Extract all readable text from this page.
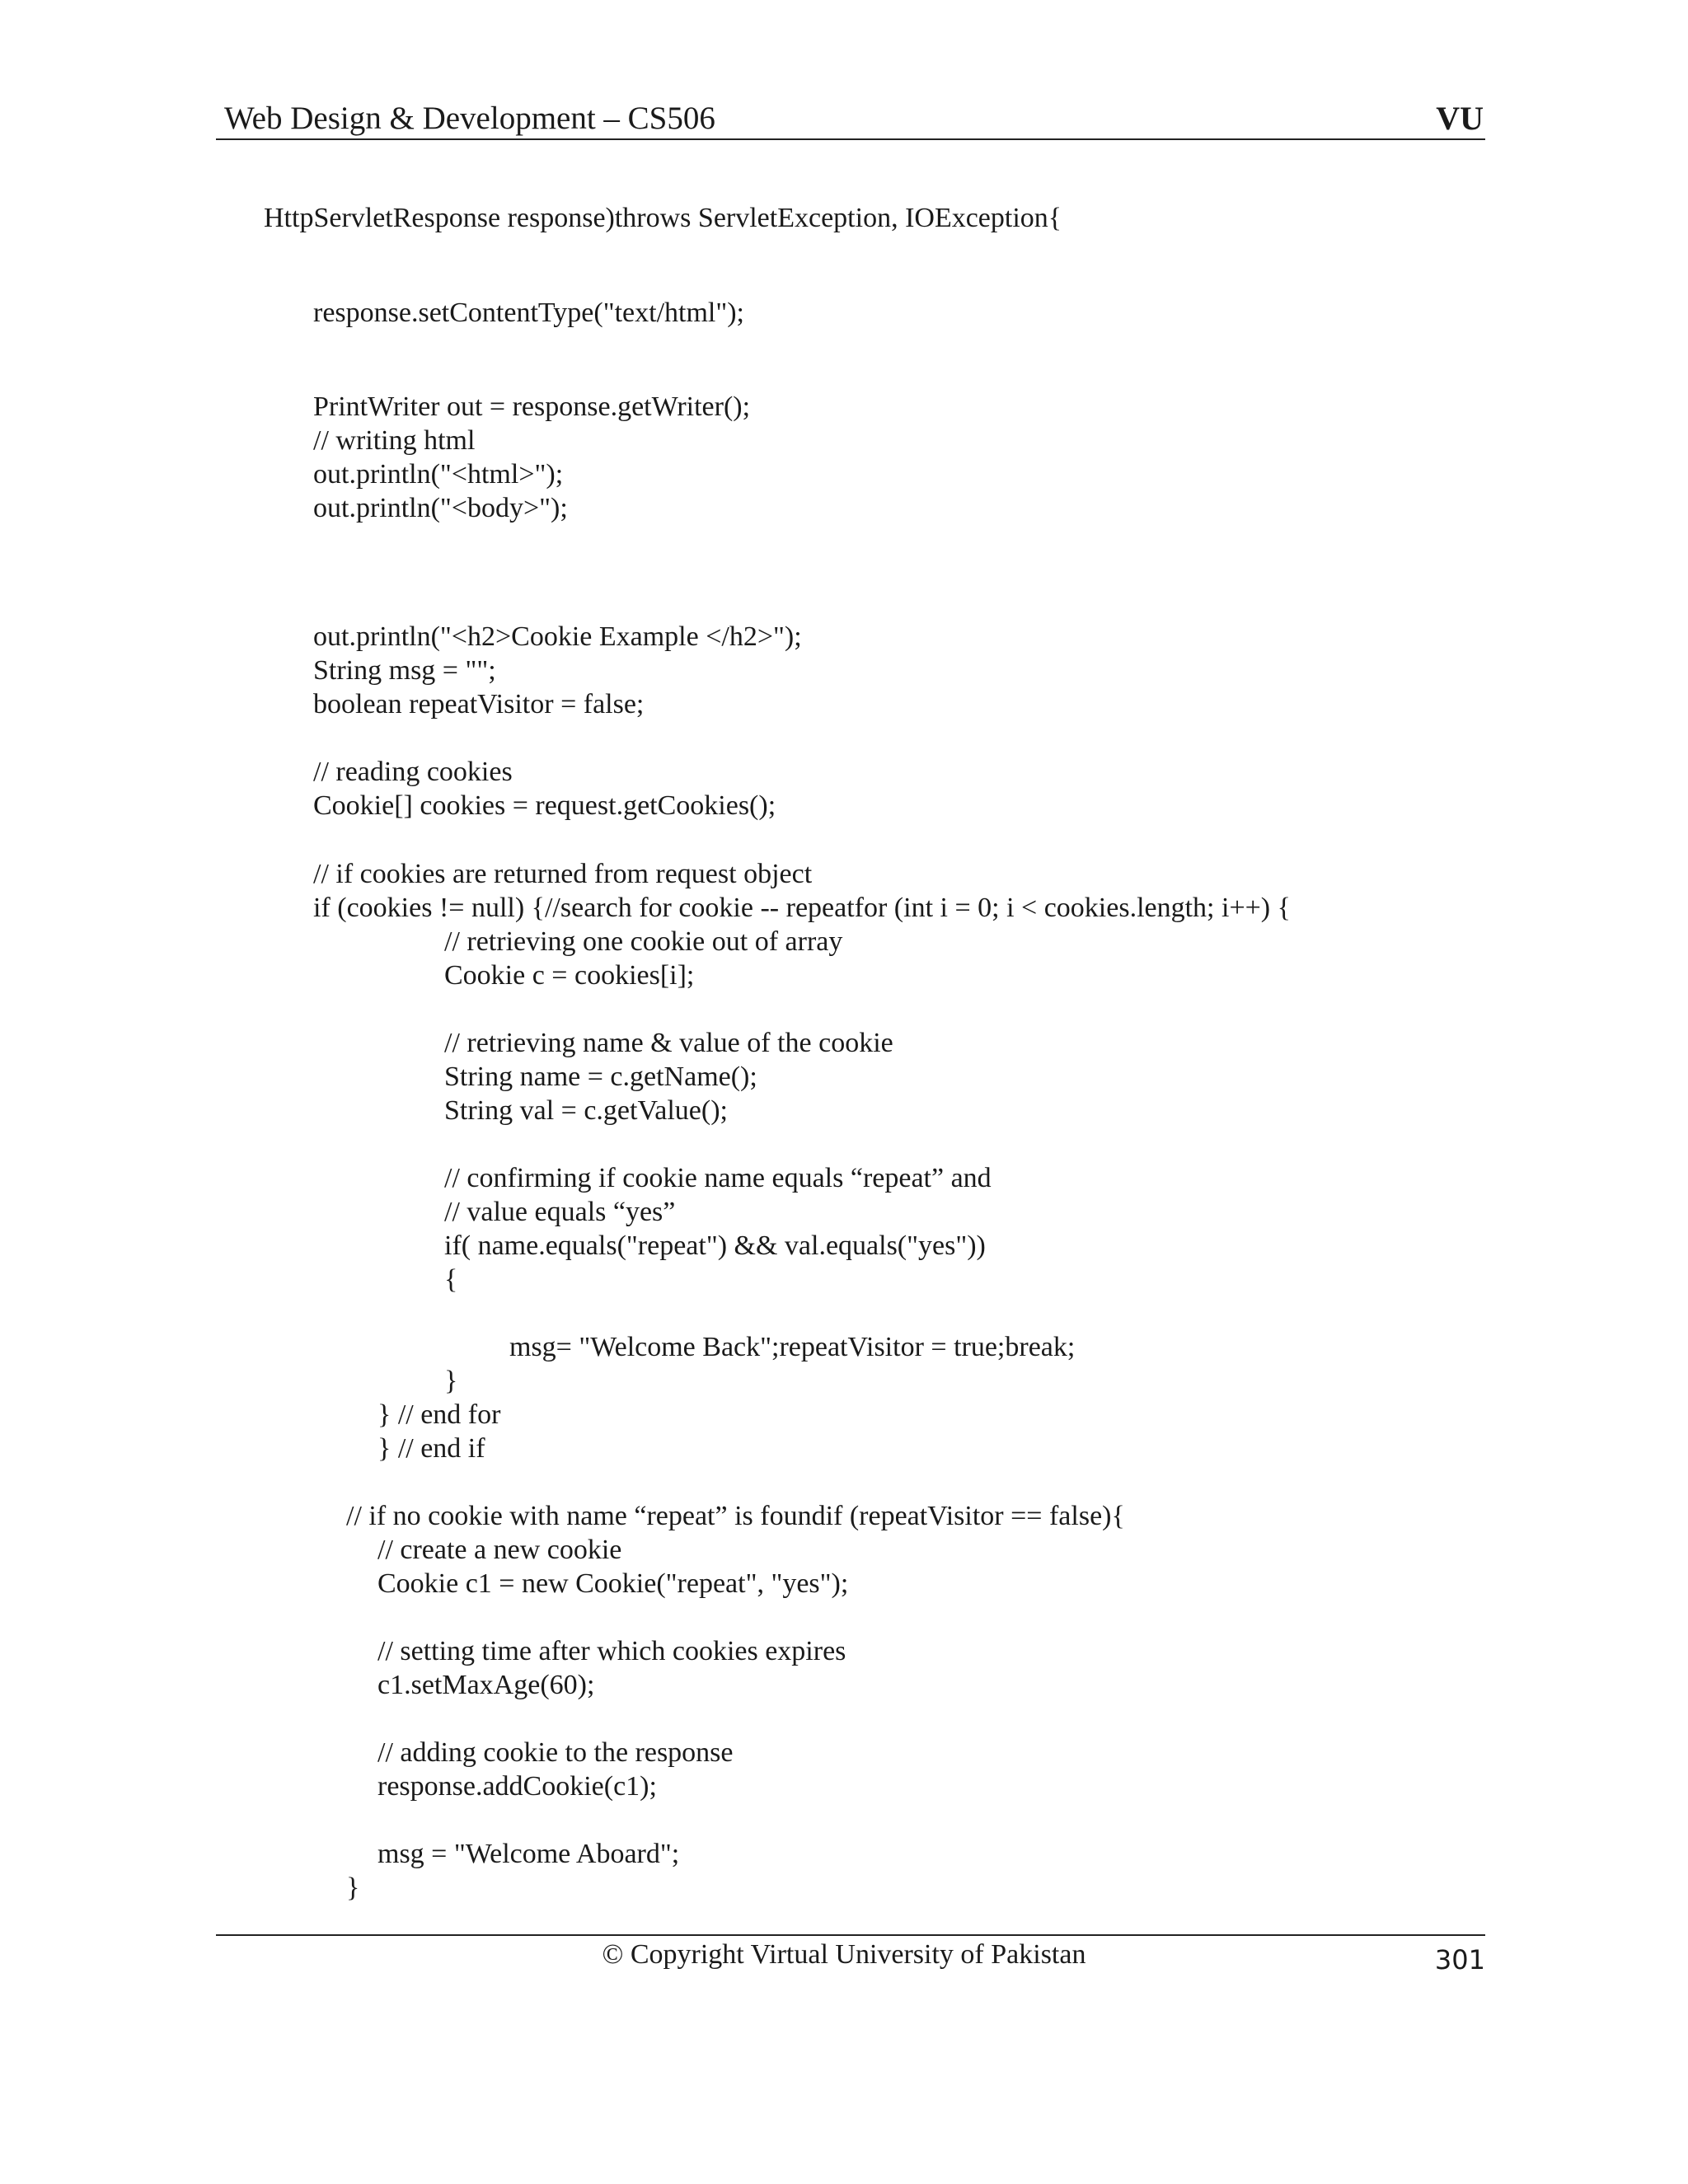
Web Design & Development – CS506	VU
HttpServletResponse response)throws ServletException, IOException{
response.setContentType("text/html");
PrintWriter out = response.getWriter();
// writing html
out.println("<html>");
out.println("<body>");
out.println("<h2>Cookie Example </h2>");
String msg = "";
boolean repeatVisitor = false;
// reading cookies
Cookie[] cookies = request.getCookies();
// if cookies are returned from request object
if (cookies != null) {//search for cookie -- repeatfor (int i = 0; i < cookies.length; i++) {
// retrieving one cookie out of array
Cookie c = cookies[i];
// retrieving name & value of the cookie
String name = c.getName();
String val = c.getValue();
// confirming if cookie name equals “repeat” and
// value equals “yes”
if( name.equals("repeat") && val.equals("yes"))
{
msg= "Welcome Back";repeatVisitor = true;break;
}
} // end for
} // end if
// if no cookie with name “repeat” is foundif (repeatVisitor == false){
// create a new cookie
Cookie c1 = new Cookie("repeat", "yes");
// setting time after which cookies expires
c1.setMaxAge(60);
// adding cookie to the response
response.addCookie(c1);
msg = "Welcome Aboard";
}
© Copyright Virtual University of Pakistan	301
